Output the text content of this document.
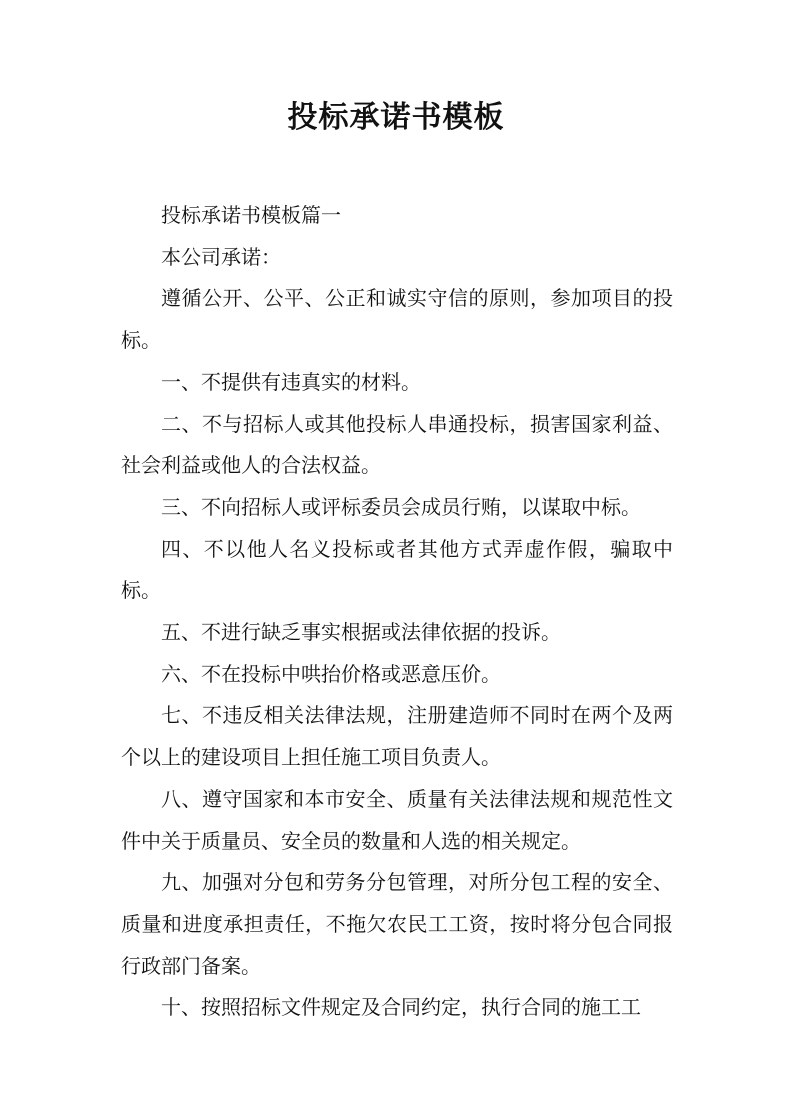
投标承诺书模板

投标承诺书模板篇一

本公司承诺：

遵循公开、公平、公正和诚实守信的原则，参加项目的投标。

一、不提供有违真实的材料。

二、不与招标人或其他投标人串通投标，损害国家利益、社会利益或他人的合法权益。

三、不向招标人或评标委员会成员行贿，以谋取中标。

四、不以他人名义投标或者其他方式弄虚作假，骗取中标。

五、不进行缺乏事实根据或法律依据的投诉。

六、不在投标中哄抬价格或恶意压价。

七、不违反相关法律法规，注册建造师不同时在两个及两个以上的建设项目上担任施工项目负责人。

八、遵守国家和本市安全、质量有关法律法规和规范性文件中关于质量员、安全员的数量和人选的相关规定。

九、加强对分包和劳务分包管理，对所分包工程的安全、质量和进度承担责任，不拖欠农民工工资，按时将分包合同报行政部门备案。

十、按照招标文件规定及合同约定，执行合同的施工工
